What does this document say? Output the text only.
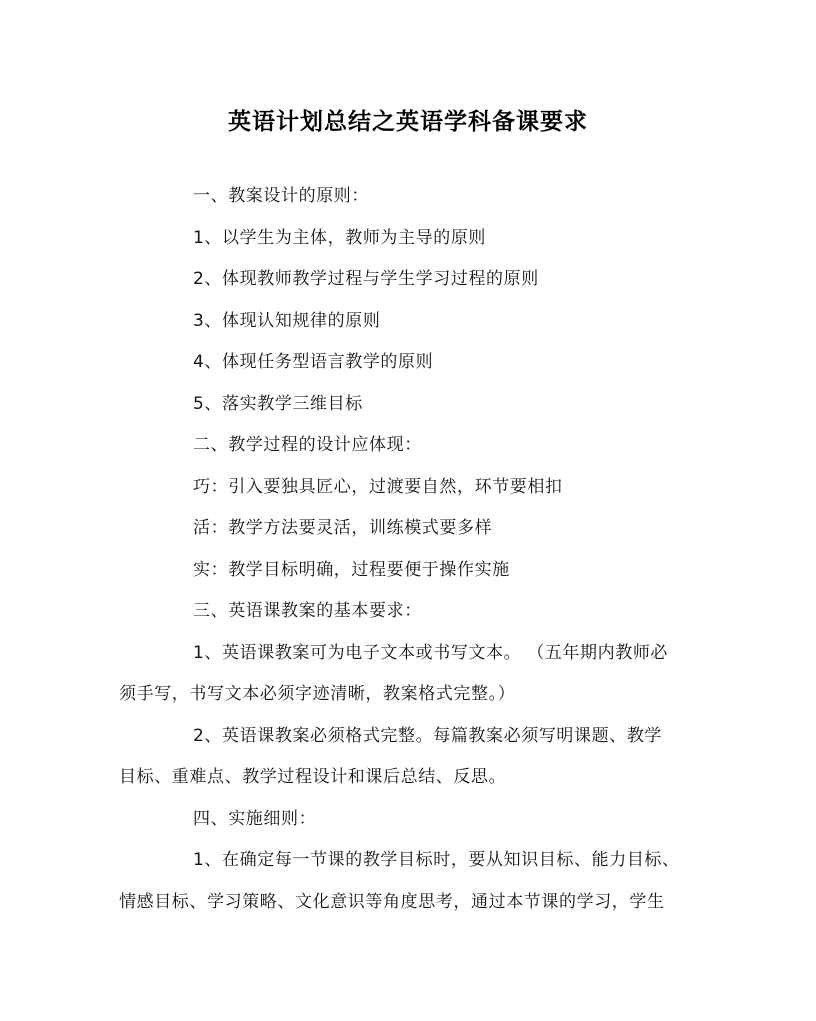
英语计划总结之英语学科备课要求
一、教案设计的原则：
1、以学生为主体，教师为主导的原则
2、体现教师教学过程与学生学习过程的原则
3、体现认知规律的原则
4、体现任务型语言教学的原则
5、落实教学三维目标
二、教学过程的设计应体现：
巧：引入要独具匠心，过渡要自然，环节要相扣
活：教学方法要灵活，训练模式要多样
实：教学目标明确，过程要便于操作实施
三、英语课教案的基本要求：
1、英语课教案可为电子文本或书写文本。 （五年期内教师必
须手写，书写文本必须字迹清晰，教案格式完整。）
2、英语课教案必须格式完整。每篇教案必须写明课题、教学
目标、重难点、教学过程设计和课后总结、反思。
四、实施细则：
1、在确定每一节课的教学目标时，要从知识目标、能力目标、
情感目标、学习策略、文化意识等角度思考，通过本节课的学习，学生
